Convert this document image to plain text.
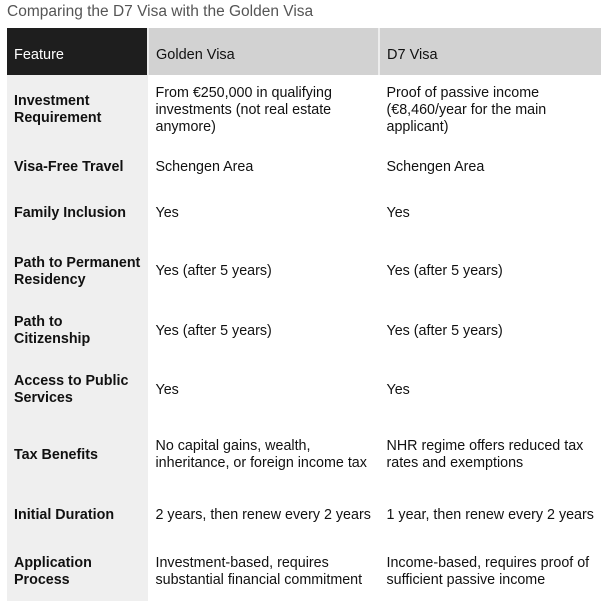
Comparing the D7 Visa with the Golden Visa
Feature	Golden Visa	D7 Visa
Investment Requirement	From €250,000 in qualifying investments (not real estate anymore)	Proof of passive income (€8,460/year for the main applicant)
Visa-Free Travel	Schengen Area	Schengen Area
Family Inclusion	Yes	Yes
Path to Permanent Residency	Yes (after 5 years)	Yes (after 5 years)
Path to Citizenship	Yes (after 5 years)	Yes (after 5 years)
Access to Public Services	Yes	Yes
Tax Benefits	No capital gains, wealth, inheritance, or foreign income tax	NHR regime offers reduced tax rates and exemptions
Initial Duration	2 years, then renew every 2 years	1 year, then renew every 2 years
Application Process	Investment-based, requires substantial financial commitment	Income-based, requires proof of sufficient passive income
